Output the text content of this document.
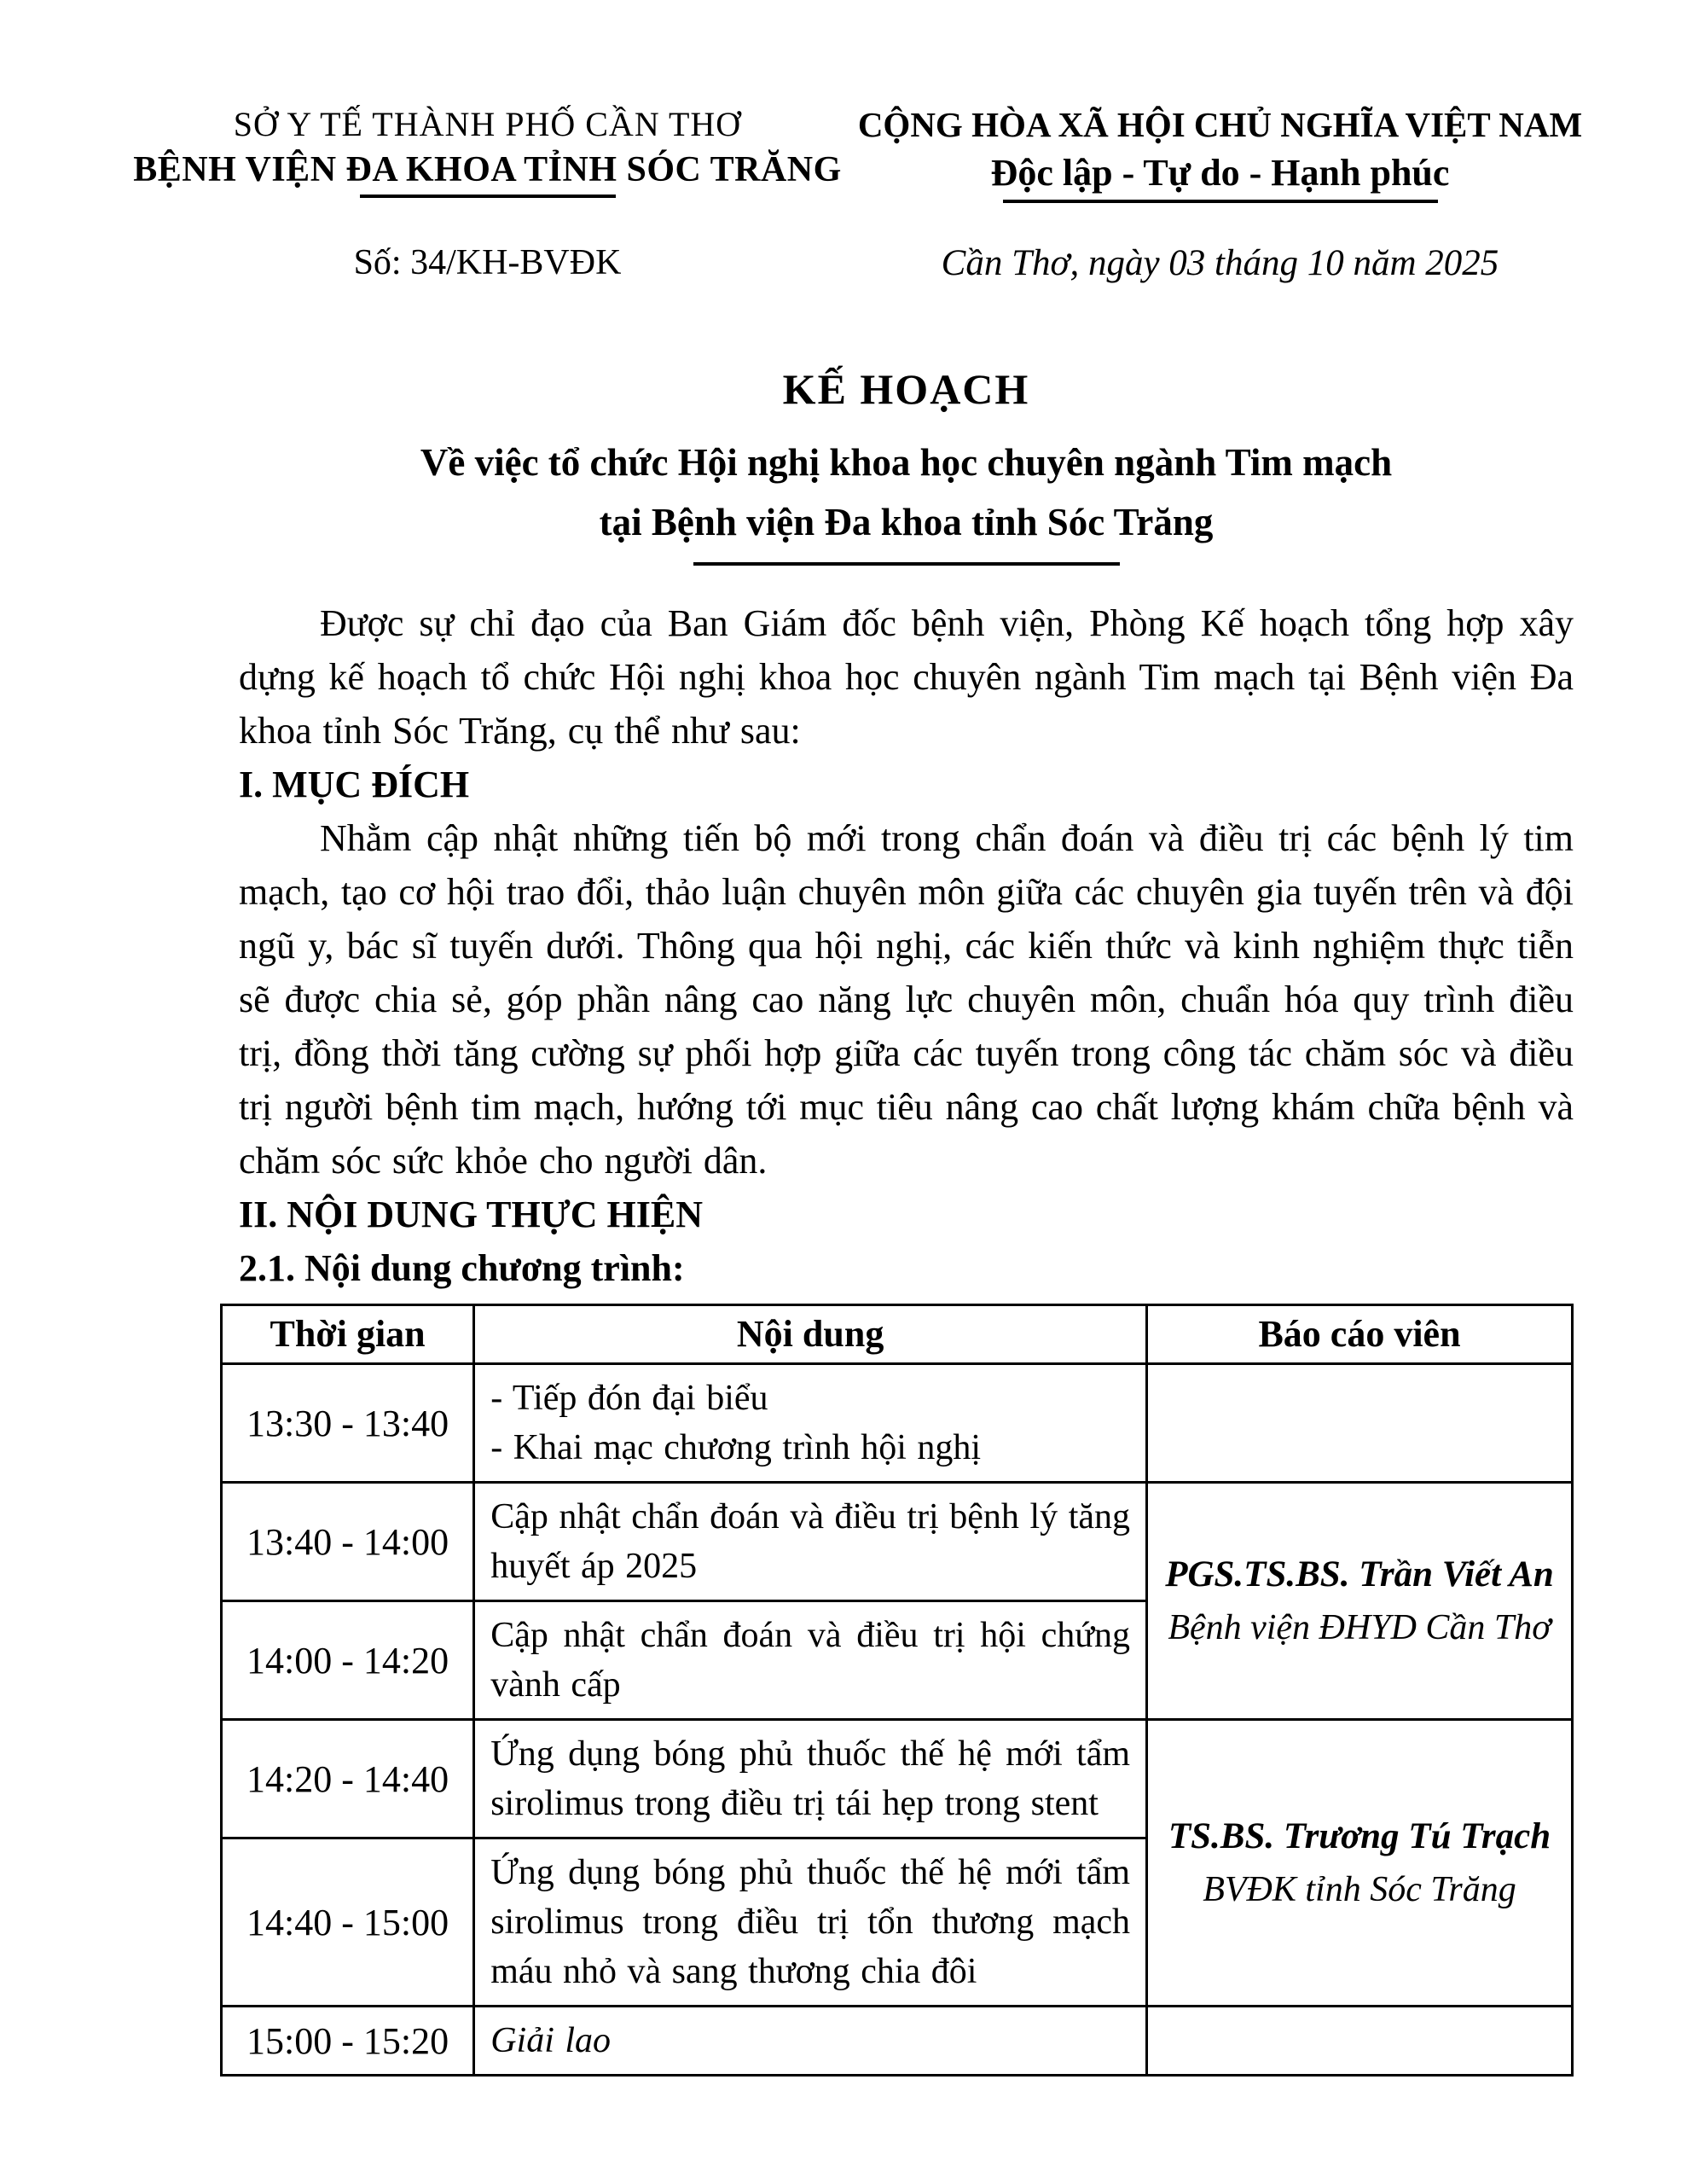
SỞ Y TẾ THÀNH PHỐ CẦN THƠ
BỆNH VIỆN ĐA KHOA TỈNH SÓC TRĂNG
Số: 34/KH-BVĐK
CỘNG HÒA XÃ HỘI CHỦ NGHĨA VIỆT NAM
Độc lập - Tự do - Hạnh phúc
Cần Thơ, ngày 03 tháng 10 năm 2025
KẾ HOẠCH
Về việc tổ chức Hội nghị khoa học chuyên ngành Tim mạch
tại Bệnh viện Đa khoa tỉnh Sóc Trăng

Được sự chỉ đạo của Ban Giám đốc bệnh viện, Phòng Kế hoạch tổng hợp xây dựng kế hoạch tổ chức Hội nghị khoa học chuyên ngành Tim mạch tại Bệnh viện Đa khoa tỉnh Sóc Trăng, cụ thể như sau:

I. MỤC ĐÍCH

Nhằm cập nhật những tiến bộ mới trong chẩn đoán và điều trị các bệnh lý tim mạch, tạo cơ hội trao đổi, thảo luận chuyên môn giữa các chuyên gia tuyến trên và đội ngũ y, bác sĩ tuyến dưới. Thông qua hội nghị, các kiến thức và kinh nghiệm thực tiễn sẽ được chia sẻ, góp phần nâng cao năng lực chuyên môn, chuẩn hóa quy trình điều trị, đồng thời tăng cường sự phối hợp giữa các tuyến trong công tác chăm sóc và điều trị người bệnh tim mạch, hướng tới mục tiêu nâng cao chất lượng khám chữa bệnh và chăm sóc sức khỏe cho người dân.

II. NỘI DUNG THỰC HIỆN
2.1. Nội dung chương trình:
Thời gian	Nội dung	Báo cáo viên
13:30 - 13:40	- Tiếp đón đại biểu
- Khai mạc chương trình hội nghị	

13:40 - 14:00	Cập nhật chẩn đoán và điều trị bệnh lý tăng huyết áp 2025	PGS.TS.BS. Trần Viết An
Bệnh viện ĐHYD Cần Thơ

14:00 - 14:20	Cập nhật chẩn đoán và điều trị hội chứng vành cấp	
14:20 - 14:40	Ứng dụng bóng phủ thuốc thế hệ mới tẩm sirolimus trong điều trị tái hẹp trong stent	TS.BS. Trương Tú Trạch
BVĐK tỉnh Sóc Trăng

14:40 - 15:00	Ứng dụng bóng phủ thuốc thế hệ mới tẩm sirolimus trong điều trị tổn thương mạch máu nhỏ và sang thương chia đôi	
15:00 - 15:20	Giải lao	
